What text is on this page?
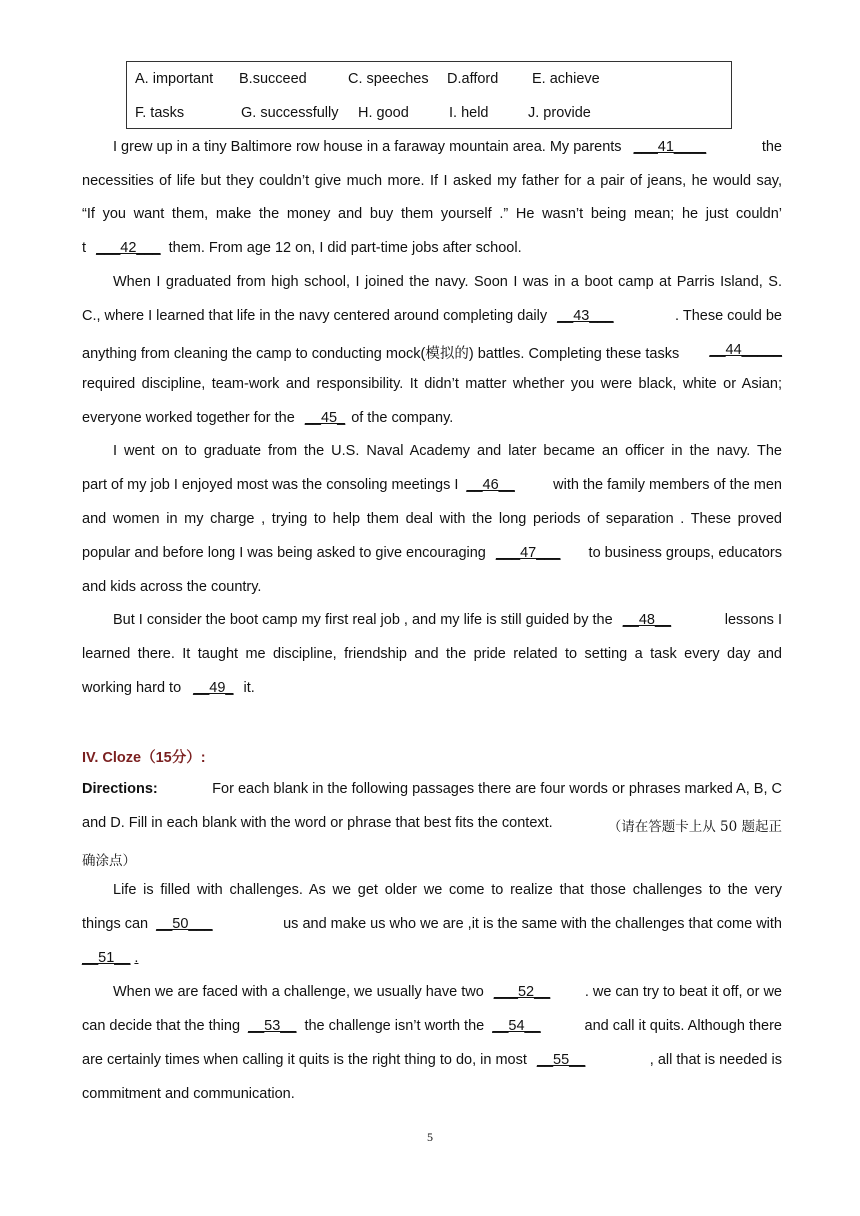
A. important B.succeed	C. speeches D.afford E. achieve
F. tasks	G. successfully H. good	I. held	J. provide
I grew up in a tiny Baltimore row house in a faraway mountain area. My parents ___41____	the
necessities of life but they couldn’t give much more. If I asked my father for a pair of jeans, he would say,
“If you want them, make the money and buy them yourself .” He wasn’t being mean; he just couldn’
t ___42___ them. From age 12 on, I did part-time jobs after school.
When I graduated from high school, I joined the navy. Soon I was in a boot camp at Parris Island, S.
C., where I learned that life in the navy centered around completing daily __43___	. These could be
anything from cleaning the camp to conducting mock(模拟的) battles. Completing these tasks __44_____
required discipline, team-work and responsibility. It didn’t matter whether you were black, white or Asian;
everyone worked together for the __45_ of the company.
I went on to graduate from the U.S. Naval Academy and later became an officer in the navy. The
part of my job I enjoyed most was the consoling meetings I __46__	with the family members of the men
and women in my charge , trying to help them deal with the long periods of separation . These proved
popular and before long I was being asked to give encouraging ___47___ to business groups, educators
and kids across the country.
But I consider the boot camp my first real job , and my life is still guided by the __48__	lessons I
learned there. It taught me discipline, friendship and the pride related to setting a task every day and
working hard to __49_ it.
IV. Cloze（15分）:
Directions:	For each blank in the following passages there are four words or phrases marked A, B, C
and D. Fill in each blank with the word or phrase that best fits the context.	（请在答题卡上从 50 题起正
确涂点）
Life is filled with challenges. As we get older we come to realize that those challenges to the very
things can __50___	us and make us who we are ,it is the same with the challenges that come with
__51__ .
When we are faced with a challenge, we usually have two ___52__ . we can try to beat it off, or we
can decide that the thing __53__ the challenge isn’t worth the __54__	and call it quits. Although there
are certainly times when calling it quits is the right thing to do, in most __55__	, all that is needed is
commitment and communication.
5
